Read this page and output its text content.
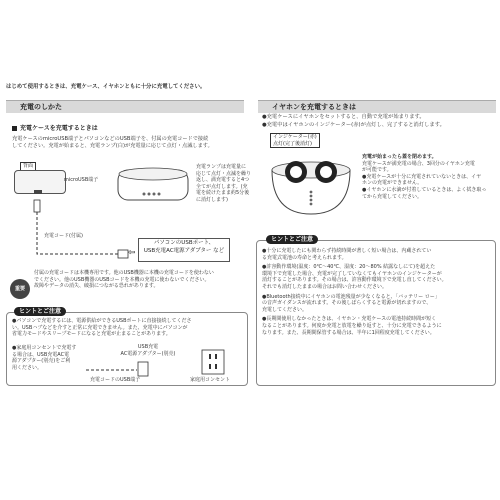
はじめて使用するときは、充電ケース、イヤホンともに十分に充電してください。
充電のしかた
充電ケースを充電するときは
充電ケースのmicroUSB端子とパソコンなどのUSB端子を、付属の充電コードで接続
してください。充電が始まると、充電ランプ(白)が充電量に応じて点灯・点滅します。
背面
microUSB端子
充電ランプは充電量に
応じて点灯・点滅を繰り
返し、満充電すると4つ
全てが点灯します。(充
電を続けたまま約5分後
に消灯します)
充電コード(付属)
⇦
パソコンのUSBポート、
USB充電AC電源アダプター など
重要
付属の充電コードは本機専用です。他のUSB機器に本機の充電コードを使わない
でください。他のUSB機器のUSBコードを本機の充電に使わないでください。
故障やデータの消失、破損につながる恐れがあります。
ヒントとご注意
●パソコンで充電するには、電源供給ができるUSBポートに直接接続してくださ
い。USBハブなどを介すと正常に充電できません。また、充電中にパソコンが
省電力モードやスリープモードになると充電が止まることがあります。
●家庭用コンセントで充電す
る場合は、USB充電AC電
源アダプター(別売)をご利
用ください。
USB充電
AC電源アダプター(別売)
充電コードのUSB端子	家庭用コンセント
イヤホンを充電するときは
●充電ケースにイヤホンをセットすると、自動で充電が始まります。
●充電中はイヤホンのインジケーター(赤)が点灯し、完了すると消灯します。
インジケーター(赤)
点灯(完了後消灯)
充電が始まったら蓋を閉めます。
充電ケースが満充電の場合、3回分のイヤホン充電
が可能です。
●充電ケースが十分に充電されていないときは、イヤ
ホンの充電ができません。
●イヤホンに水滴が付着しているときは、よく拭き取っ
てから充電してください。
ヒントとご注意
●十分に充電したにも関わらず持続時間が著しく短い場合は、内蔵されてい
る充電式電池の寿命と考えられます。
●許容動作環境(温度：0℃〜40℃、湿度：20〜80% 結露なしにて)を超えた
環境下で充電した場合、充電が完了していなくてもイヤホンのインジケーターが
消灯することがあります。その場合は、許容動作環境下で充電し直してください。
それでも消灯したままの場合はお問い合わせください。
●Bluetooth接続中にイヤホンの電池残量が少なくなると、「バッテリー ロー」
の音声ガイダンスが流れます。その後しばらくすると電源が切れますので、
充電してください。
●長期間使用しなかったときは、イヤホン・充電ケースの電池持続時間が短く
なることがあります。何度か充電と放電を繰り返すと、十分に充電できるように
なります。また、長期間保管する場合は、半年に1回程度充電してください。
